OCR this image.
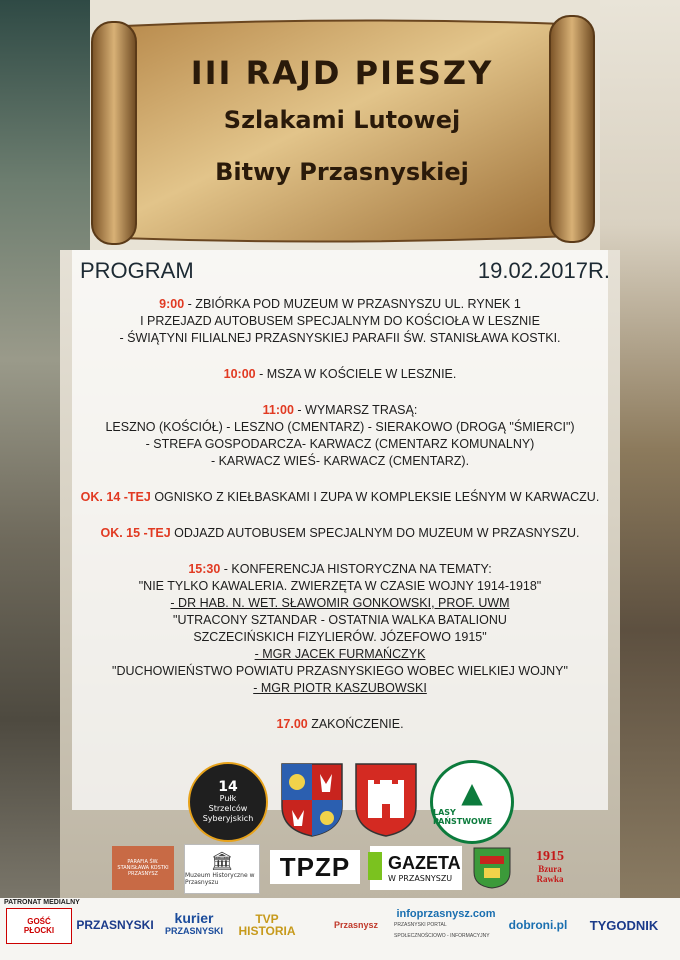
III RAJD PIESZY
Szlakami Lutowej
Bitwy Przasnyskiej
PROGRAM	19.02.2017R.
9:00 - ZBIÓRKA POD MUZEUM W PRZASNYSZU UL. RYNEK 1
I PRZEJAZD AUTOBUSEM SPECJALNYM DO KOŚCIOŁA W LESZNIE
- ŚWIĄTYNI FILIALNEJ PRZASNYSKIEJ PARAFII ŚW. STANISŁAWA KOSTKI.
10:00 - MSZA W KOŚCIELE W LESZNIE.
11:00 - WYMARSZ TRASĄ:
LESZNO (KOŚCIÓŁ) - LESZNO (CMENTARZ) - SIERAKOWO (DROGĄ "ŚMIERCI")
- STREFA GOSPODARCZA- KARWACZ (CMENTARZ KOMUNALNY)
- KARWACZ WIEŚ- KARWACZ (CMENTARZ).
OK. 14 -TEJ OGNISKO Z KIEŁBASKAMI I ZUPA W KOMPLEKSIE LEŚNYM W KARWACZU.
OK. 15 -TEJ ODJAZD AUTOBUSEM SPECJALNYM DO MUZEUM W PRZASNYSZU.
15:30 - KONFERENCJA HISTORYCZNA NA TEMATY:
"NIE TYLKO KAWALERIA. ZWIERZĘTA W CZASIE WOJNY 1914-1918"
- DR HAB. N. WET. SŁAWOMIR GONKOWSKI, PROF. UWM
"UTRACONY SZTANDAR - OSTATNIA WALKA BATALIONU
SZCZECIŃSKICH FIZYLIERÓW. JÓZEFOWO 1915"
- MGR JACEK FURMAŃCZYK
"DUCHOWIEŃSTWO POWIATU PRZASNYSKIEGO WOBEC WIELKIEJ WOJNY"
- MGR PIOTR KASZUBOWSKI
17.00 ZAKOŃCZENIE.
14
Pułk
Strzelców
Syberyjskich
▲
LASY PAŃSTWOWE
PARAFIA ŚW. STANISŁAWA KOSTKI PRZASNYSZ
🏛
Muzeum Historyczne w Przasnyszu
TPZP	GAZETA
W PRZASNYSZU
1915
Bzura
Rawka
PATRONAT MEDIALNY
GOŚĆ
PŁOCKI PRZASNYSKI kurier
PRZASNYSKI
TVP
HISTORIA	Przasnysz
infoprzasnysz.com
PRZASNYSKI PORTAL SPOŁECZNOŚCIOWO - INFORMACYJNY
dobroni.pl	TYGODNIK
